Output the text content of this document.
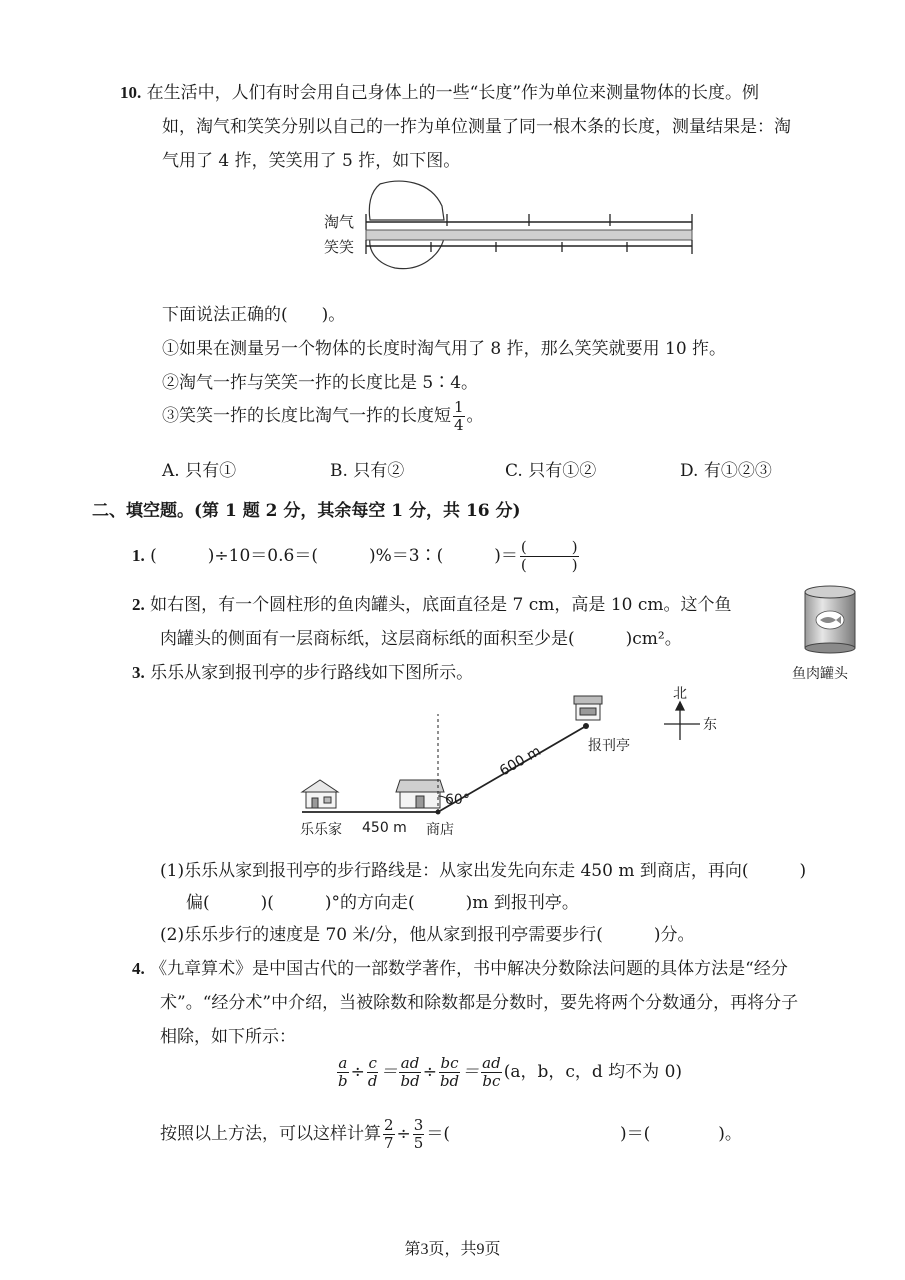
10. 在生活中，人们有时会用自己身体上的一些“长度”作为单位来测量物体的长度。例
如，淘气和笑笑分别以自己的一拃为单位测量了同一根木条的长度，测量结果是：淘
气用了 4 拃，笑笑用了 5 拃，如下图。
淘气
笑笑
下面说法正确的(　　)。
①如果在测量另一个物体的长度时淘气用了 8 拃，那么笑笑就要用 10 拃。
②淘气一拃与笑笑一拃的长度比是 5∶4。
③笑笑一拃的长度比淘气一拃的长度短 $\frac{1}{4}$ 。
A. 只有①	B. 只有②	C. 只有①②	D. 有①②③
二、填空题。(第 1 题 2 分，其余每空 1 分，共 16 分)
1. (　　　)÷10＝0.6＝(　　　)%＝3∶(　　　)＝ $\frac{( )}{( )}$
2. 如右图，有一个圆柱形的鱼肉罐头，底面直径是 7 cm，高是 10 cm。这个鱼
肉罐头的侧面有一层商标纸，这层商标纸的面积至少是(　　　)cm²。
鱼肉罐头
3. 乐乐从家到报刊亭的步行路线如下图所示。
北
东
乐乐家 450 m 商店
报刊亭
60°
600 m
(1)乐乐从家到报刊亭的步行路线是：从家出发先向东走 450 m 到商店，再向(　　　)
偏(　　　)(　　　)°的方向走(　　　)m 到报刊亭。
(2)乐乐步行的速度是 70 米/分，他从家到报刊亭需要步行(　　　)分。
4. 《九章算术》是中国古代的一部数学著作，书中解决分数除法问题的具体方法是“经分
术”。“经分术”中介绍，当被除数和除数都是分数时，要先将两个分数通分，再将分子
相除，如下所示：
$\frac{a}{b} \div \frac{c}{d} = \frac{ad}{bd} \div \frac{bc}{bd} = \frac{ad}{bc} (a$，b，c，d 均不为 0)
按照以上方法，可以这样计算 $\frac{2}{7} \div \frac{3}{5}$ ＝(　　　　　　　　　　)＝(　　　　)。
第3页，共9页
